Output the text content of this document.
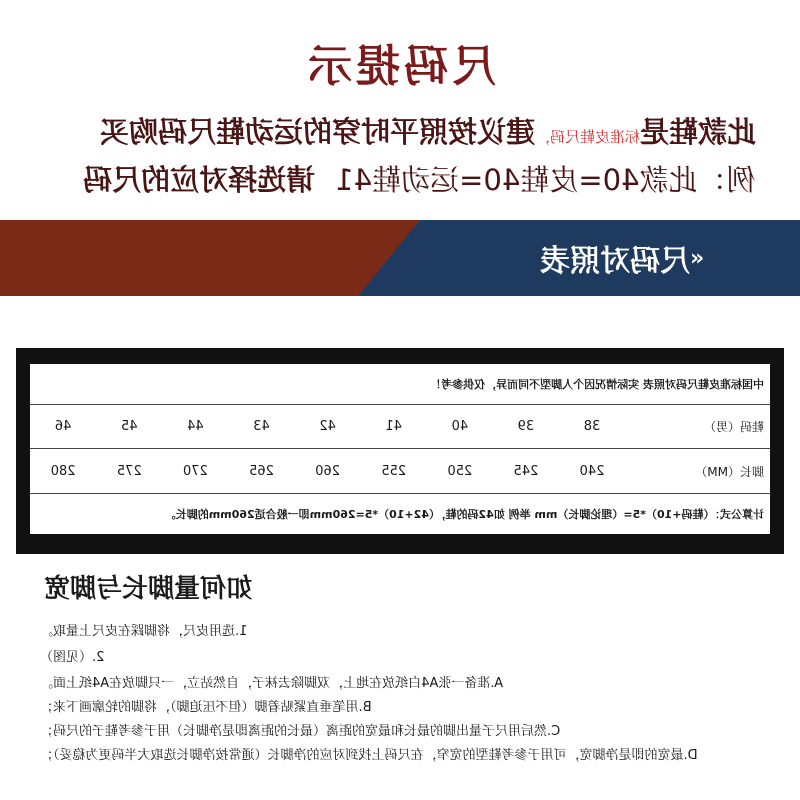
尺码提示
此款鞋是标准皮鞋尺码，建议按照平时穿的运动鞋尺码购买
例：此款40=皮鞋40=运动鞋41  请选择对应的尺码
«
尺码对照表
中国标准皮鞋尺码对照表 实际情况因个人脚型不同而异，仅供参考！									
鞋码（男）	38	39	40	41	42	43	44	45	46
脚长（MM）	240	245	250	255	260	265	270	275	280
计算公式：（鞋码+10）*5=（理论脚长）mm 举例 如42码的鞋，（42+10）*5=260mm即一般合适260mm的脚长。									
如何量脚长与脚宽
1.选用皮尺，将脚踩在皮尺上量取。
2.（见图）
A.准备一张A4白纸放在地上，双脚除去袜子，自然站立，一只脚放在A4纸上面。
B.用笔垂直紧贴着脚（但不压迫脚），将脚的轮廓画下来；
C.然后用尺子量出脚的最长和最宽的距离（最长的距离即是净脚长）用于参考鞋子的尺码；
D.最宽的即是净脚宽，可用于参考鞋型的宽窄，在尺码上找到对应的净脚长（通常按净脚长选取大半码更为稳妥）；
